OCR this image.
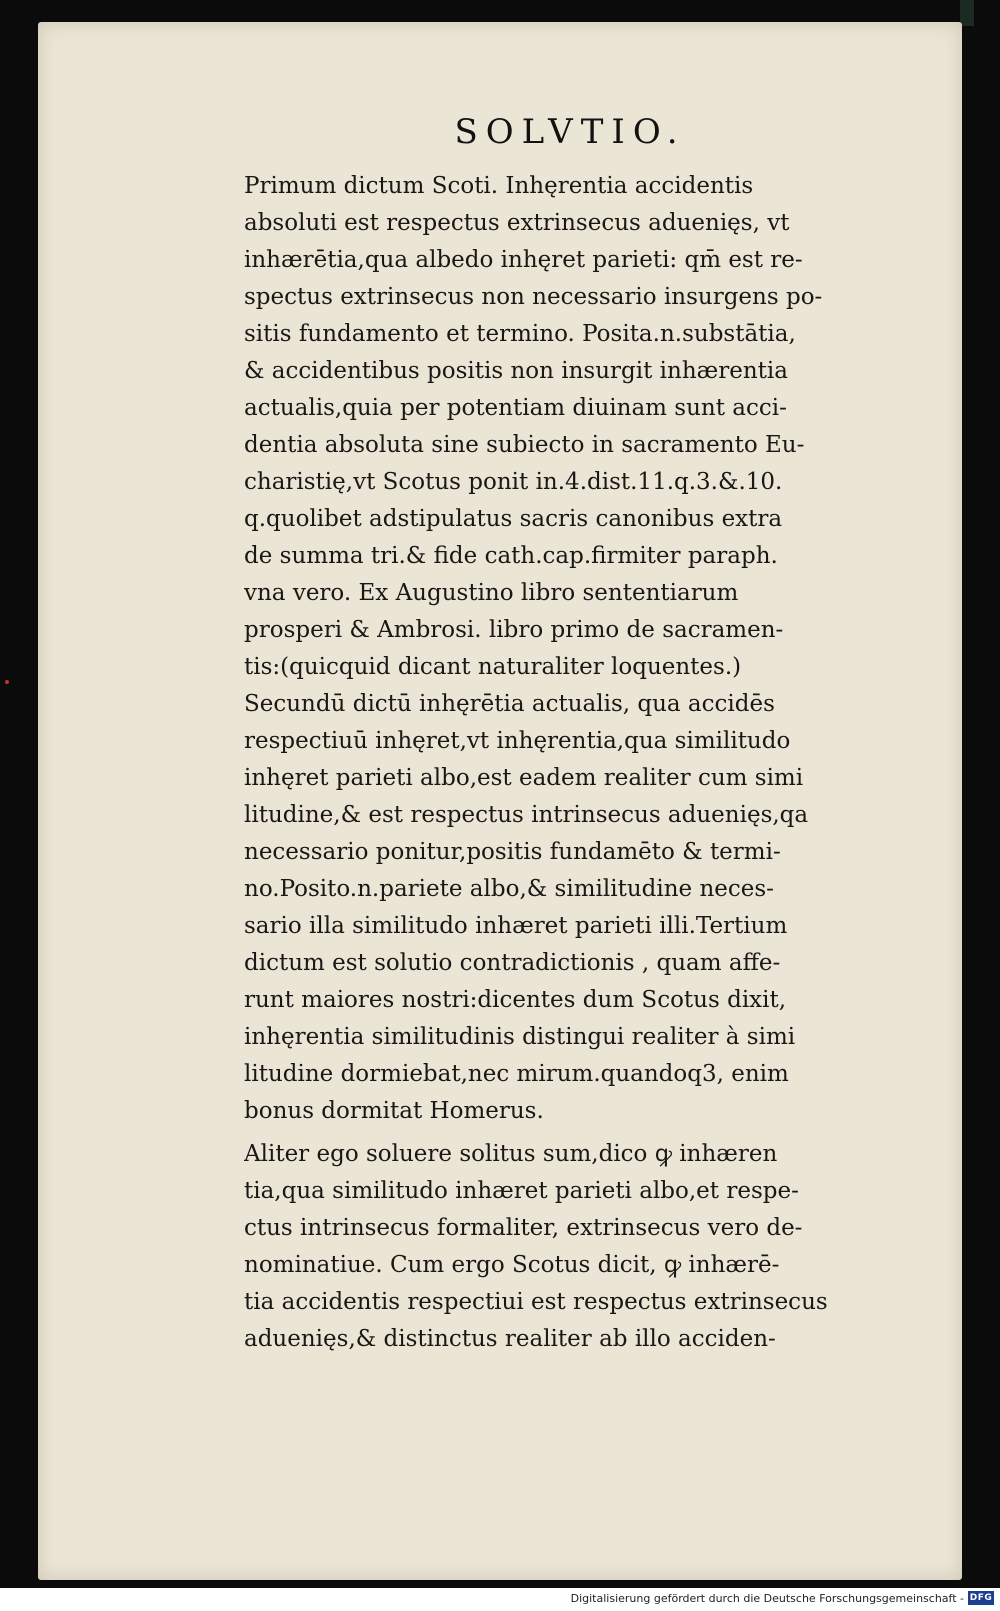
SOLVTIO.
Primum dictum Scoti. Inhęrentia accidentis
absoluti est respectus extrinsecus aduenięs, vt
inhærētia,qua albedo inhęret parieti: qm̄ est re-
spectus extrinsecus non necessario insurgens po-
sitis fundamento et termino. Posita.n.substātia,
& accidentibus positis non insurgit inhærentia
actualis,quia per potentiam diuinam sunt acci-
dentia absoluta sine subiecto in sacramento Eu-
charistię,vt Scotus ponit in.4.dist.11.q.3.&.10.
q.quolibet adstipulatus sacris canonibus extra
de summa tri.& fide cath.cap.firmiter paraph.
vna vero. Ex Augustino libro sententiarum
prosperi & Ambrosi. libro primo de sacramen-
tis:(quicquid dicant naturaliter loquentes.)
Secundū dictū inhęrētia actualis, qua accidēs
respectiuū inhęret,vt inhęrentia,qua similitudo
inhęret parieti albo,est eadem realiter cum simi
litudine,& est respectus intrinsecus aduenięs,qa
necessario ponitur,positis fundamēto & termi-
no.Posito.n.pariete albo,& similitudine neces-
sario illa similitudo inhæret parieti illi.Tertium
dictum est solutio contradictionis , quam affe-
runt maiores nostri:dicentes dum Scotus dixit,
inhęrentia similitudinis distingui realiter à simi
litudine dormiebat,nec mirum.quandoq3, enim
bonus dormitat Homerus.
Aliter ego soluere solitus sum,dico ꝙ inhæren
tia,qua similitudo inhæret parieti albo,et respe-
ctus intrinsecus formaliter, extrinsecus vero de-
nominatiue. Cum ergo Scotus dicit, ꝙ inhærē-
tia accidentis respectiui est respectus extrinsecus
aduenięs,& distinctus realiter ab illo acciden-
Digitalisierung gefördert durch die Deutsche Forschungsgemeinschaft - DFG
